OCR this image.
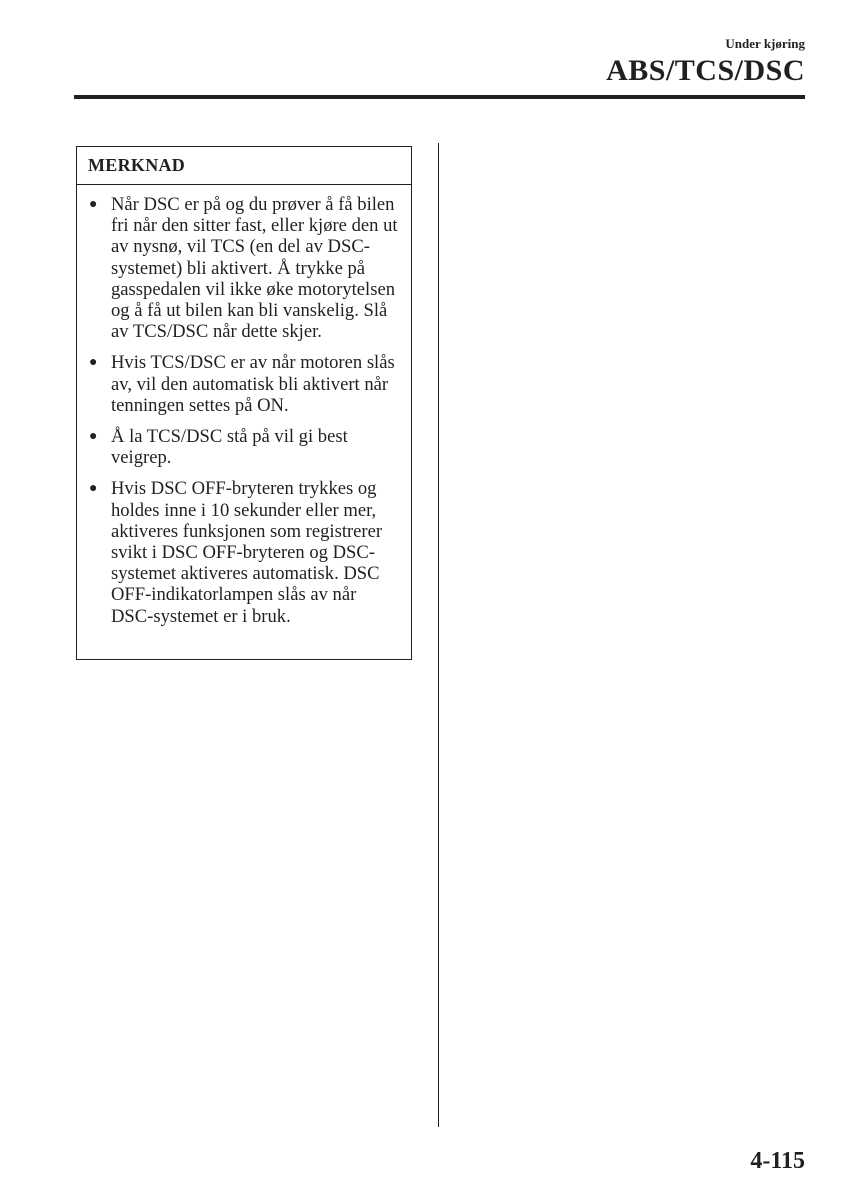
Under kjøring
ABS/TCS/DSC
MERKNAD
● Når DSC er på og du prøver å få bilen fri når den sitter fast, eller kjøre den ut av nysnø, vil TCS (en del av DSC-systemet) bli aktivert. Å trykke på gasspedalen vil ikke øke motorytelsen og å få ut bilen kan bli vanskelig. Slå av TCS/DSC når dette skjer.
● Hvis TCS/DSC er av når motoren slås av, vil den automatisk bli aktivert når tenningen settes på ON.
● Å la TCS/DSC stå på vil gi best veigrep.
● Hvis DSC OFF-bryteren trykkes og holdes inne i 10 sekunder eller mer, aktiveres funksjonen som registrerer svikt i DSC OFF-bryteren og DSC-systemet aktiveres automatisk. DSC OFF-indikatorlampen slås av når DSC-systemet er i bruk.
4-115
